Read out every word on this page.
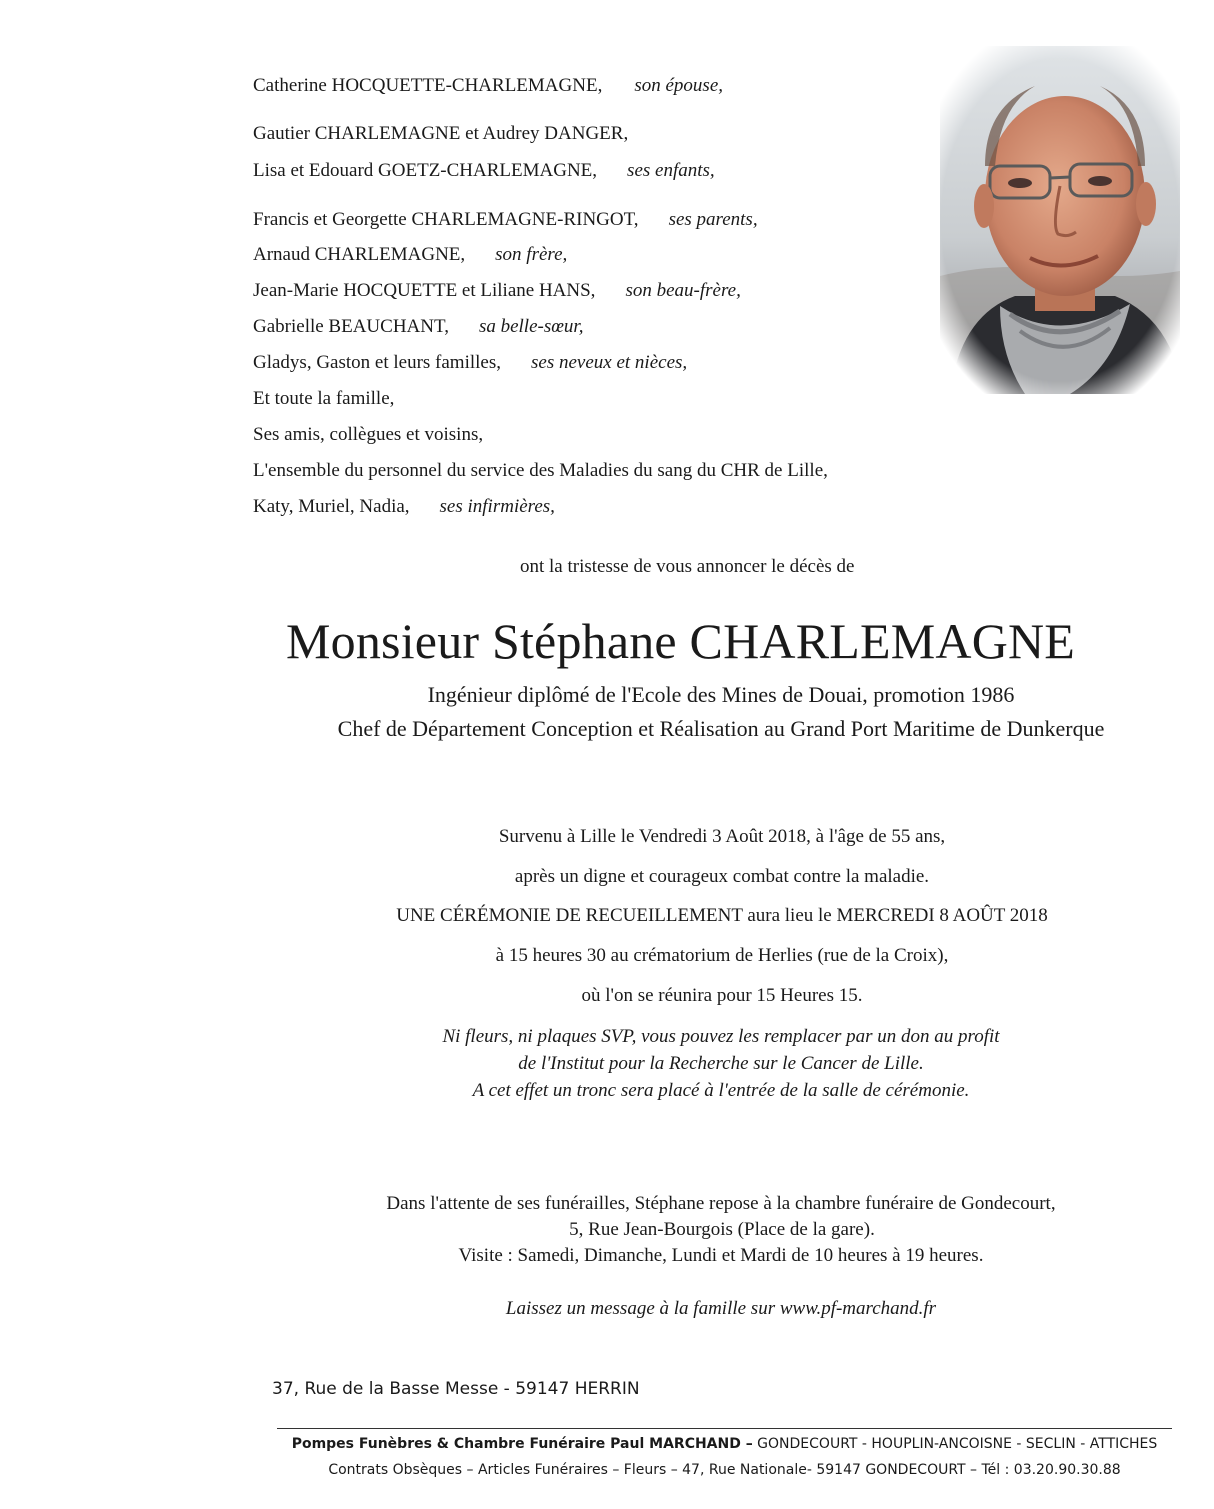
Catherine HOCQUETTE-CHARLEMAGNE, son épouse,
Gautier CHARLEMAGNE et Audrey DANGER,
Lisa et Edouard GOETZ-CHARLEMAGNE, ses enfants,
Francis et Georgette CHARLEMAGNE-RINGOT, ses parents,
Arnaud CHARLEMAGNE, son frère,
Jean-Marie HOCQUETTE et Liliane HANS, son beau-frère,
Gabrielle BEAUCHANT, sa belle-sœur,
Gladys, Gaston et leurs familles, ses neveux et nièces,
Et toute la famille,
Ses amis, collègues et voisins,
L'ensemble du personnel du service des Maladies du sang du CHR de Lille,
Katy, Muriel, Nadia, ses infirmières,
ont la tristesse de vous annoncer le décès de
Monsieur Stéphane CHARLEMAGNE
Ingénieur diplômé de l'Ecole des Mines de Douai, promotion 1986
Chef de Département Conception et Réalisation au Grand Port Maritime de Dunkerque
Survenu à Lille le Vendredi 3 Août 2018, à l'âge de 55 ans,
après un digne et courageux combat contre la maladie.
UNE CÉRÉMONIE DE RECUEILLEMENT aura lieu le MERCREDI 8 AOÛT 2018
à 15 heures 30 au crématorium de Herlies (rue de la Croix),
où l'on se réunira pour 15 Heures 15.
Ni fleurs, ni plaques SVP, vous pouvez les remplacer par un don au profit
de l'Institut pour la Recherche sur le Cancer de Lille.
A cet effet un tronc sera placé à l'entrée de la salle de cérémonie.
Dans l'attente de ses funérailles, Stéphane repose à la chambre funéraire de Gondecourt,
5, Rue Jean-Bourgois (Place de la gare).
Visite : Samedi, Dimanche, Lundi et Mardi de 10 heures à 19 heures.
Laissez un message à la famille sur www.pf-marchand.fr
37, Rue de la Basse Messe - 59147 HERRIN
Pompes Funèbres & Chambre Funéraire Paul MARCHAND – GONDECOURT - HOUPLIN-ANCOISNE - SECLIN - ATTICHES
Contrats Obsèques – Articles Funéraires – Fleurs – 47, Rue Nationale- 59147 GONDECOURT – Tél : 03.20.90.30.88
